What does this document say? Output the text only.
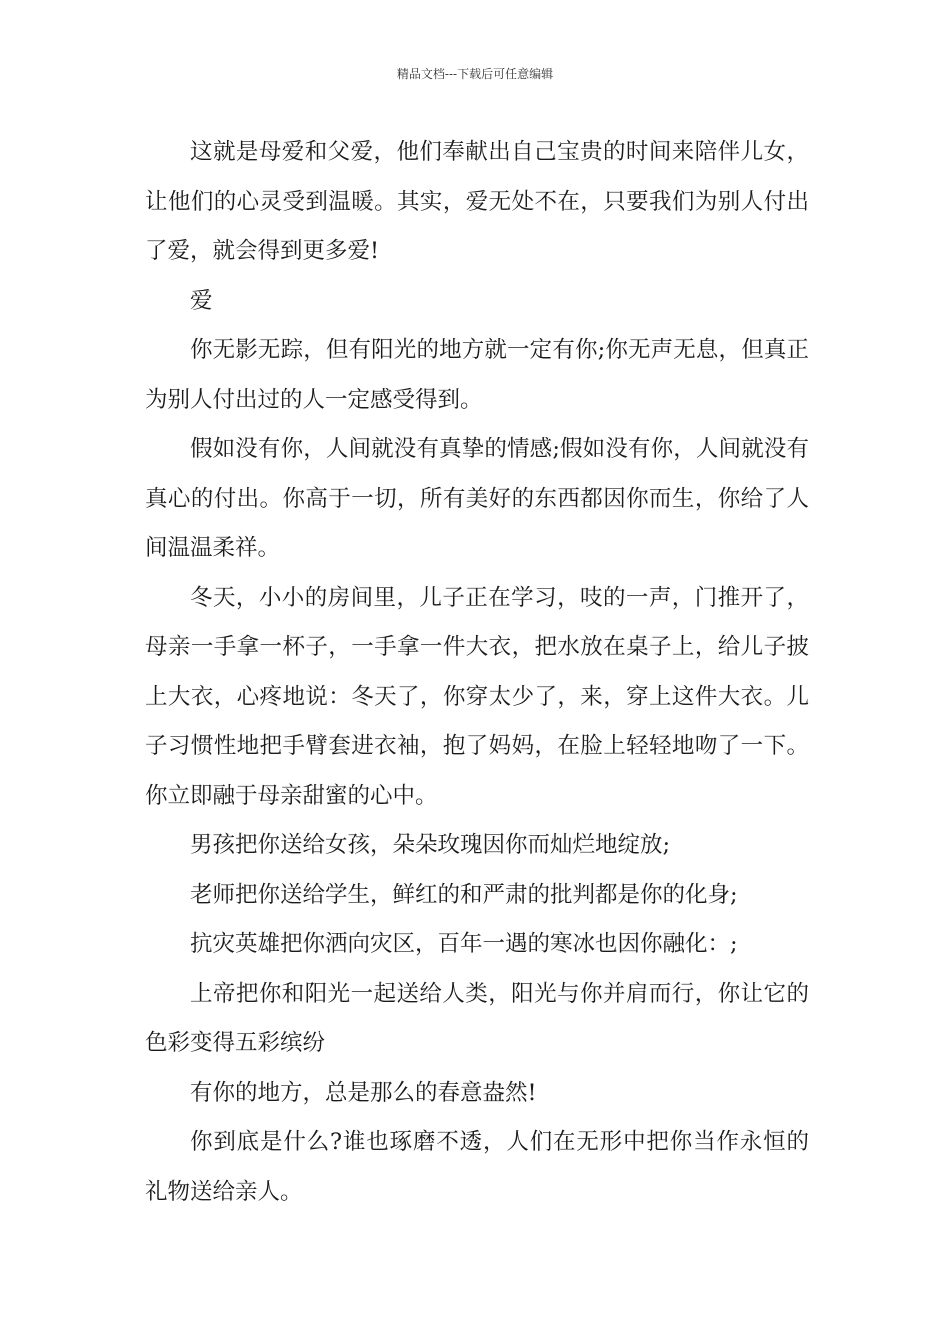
精品文档---下载后可任意编辑

这就是母爱和父爱，他们奉献出自己宝贵的时间来陪伴儿女，让他们的心灵受到温暖。其实，爱无处不在，只要我们为别人付出了爱，就会得到更多爱!

爱

你无影无踪，但有阳光的地方就一定有你;你无声无息，但真正为别人付出过的人一定感受得到。

假如没有你，人间就没有真挚的情感;假如没有你，人间就没有真心的付出。你高于一切，所有美好的东西都因你而生，你给了人间温温柔祥。

冬天，小小的房间里，儿子正在学习，吱的一声，门推开了，母亲一手拿一杯子，一手拿一件大衣，把水放在桌子上，给儿子披上大衣，心疼地说：冬天了，你穿太少了，来，穿上这件大衣。儿子习惯性地把手臂套进衣袖，抱了妈妈，在脸上轻轻地吻了一下。你立即融于母亲甜蜜的心中。

男孩把你送给女孩，朵朵玫瑰因你而灿烂地绽放;

老师把你送给学生，鲜红的和严肃的批判都是你的化身;

抗灾英雄把你洒向灾区，百年一遇的寒冰也因你融化：;

上帝把你和阳光一起送给人类，阳光与你并肩而行，你让它的色彩变得五彩缤纷

有你的地方，总是那么的春意盎然!

你到底是什么?谁也琢磨不透，人们在无形中把你当作永恒的礼物送给亲人。
